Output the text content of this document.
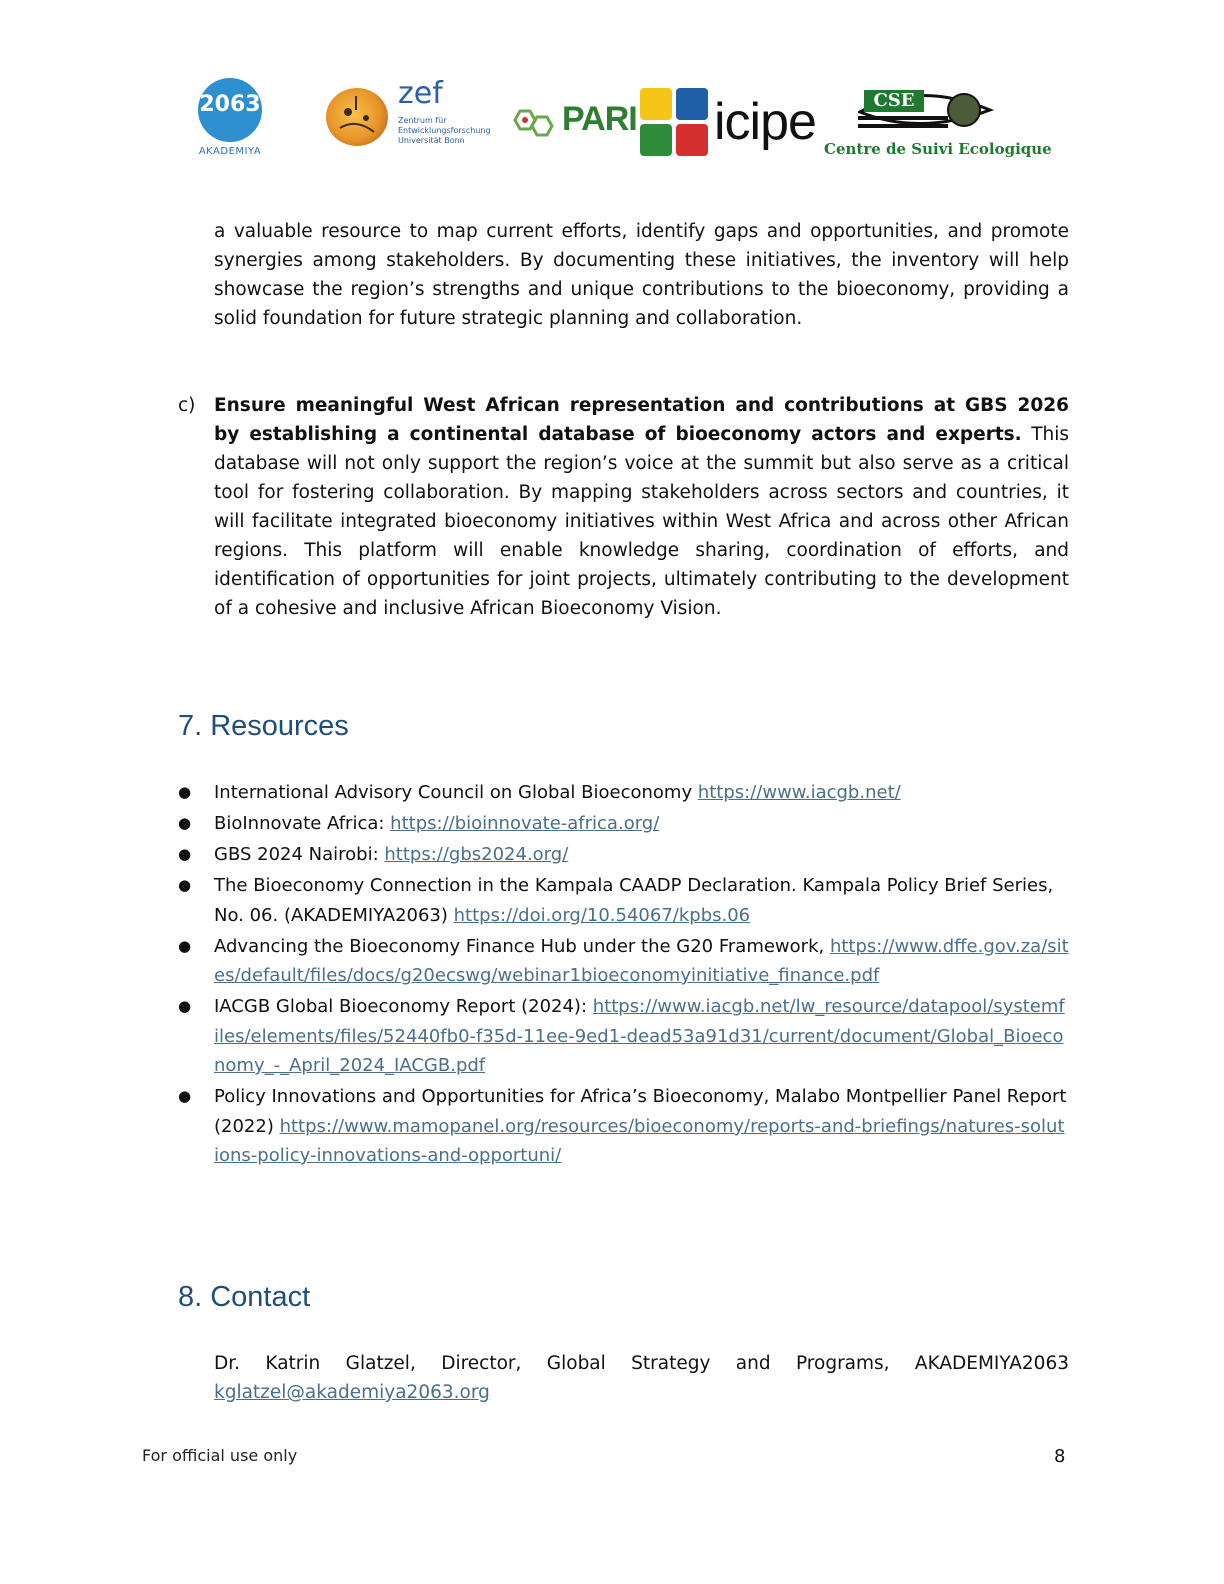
2063
AKADEMIYA
zef
Zentrum für
Entwicklungsforschung
Universität Bonn
PARI icipe	CSE
Centre de Suivi Ecologique

a valuable resource to map current efforts, identify gaps and opportunities, and promote synergies among stakeholders. By documenting these initiatives, the inventory will help showcase the region’s strengths and unique contributions to the bioeconomy, providing a solid foundation for future strategic planning and collaboration.

c) Ensure meaningful West African representation and contributions at GBS 2026 by establishing a continental database of bioeconomy actors and experts. This database will not only support the region’s voice at the summit but also serve as a critical tool for fostering collaboration. By mapping stakeholders across sectors and countries, it will facilitate integrated bioeconomy initiatives within West Africa and across other African regions. This platform will enable knowledge sharing, coordination of efforts, and identification of opportunities for joint projects, ultimately contributing to the development of a cohesive and inclusive African Bioeconomy Vision.

7. Resources
● International Advisory Council on Global Bioeconomy https://www.iacgb.net/
● BioInnovate Africa: https://bioinnovate-africa.org/
● GBS 2024 Nairobi: https://gbs2024.org/
● The Bioeconomy Connection in the Kampala CAADP Declaration. Kampala Policy Brief Series, No. 06. (AKADEMIYA2063) https://doi.org/10.54067/kpbs.06
● Advancing the Bioeconomy Finance Hub under the G20 Framework, https://www.dffe.gov.za/sites/default/files/docs/g20ecswg/webinar1bioeconomyinitiative_finance.pdf
● IACGB Global Bioeconomy Report (2024): https://www.iacgb.net/lw_resource/datapool/systemfiles/elements/files/52440fb0-f35d-11ee-9ed1-dead53a91d31/current/document/Global_Bioeconomy_-_April_2024_IACGB.pdf
● Policy Innovations and Opportunities for Africa’s Bioeconomy, Malabo Montpellier Panel Report (2022) https://www.mamopanel.org/resources/bioeconomy/reports-and-briefings/natures-solutions-policy-innovations-and-opportuni/
8. Contact

Dr. Katrin Glatzel, Director, Global Strategy and Programs, AKADEMIYA2063

kglatzel@akademiya2063.org
For official use only	8
